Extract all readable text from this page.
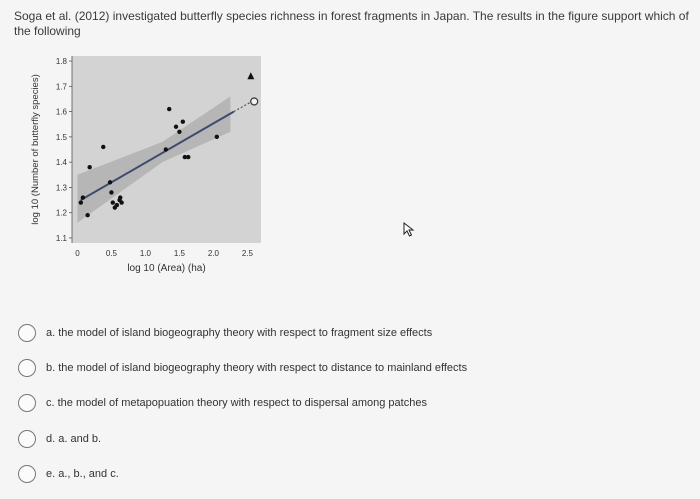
Soga et al. (2012) investigated butterfly species richness in forest fragments in Japan. The results in the figure support which of the following
1.1
1.2
1.3
1.4
1.5
1.6
1.7
1.8
0	0.5	1.0	1.5	2.0	2.5
log 10 (Area) (ha)
log 10 (Number of butterfly species)
a. the model of island biogeography theory with respect to fragment size effects
b. the model of island biogeography theory with respect to distance to mainland effects
c. the model of metapopuation theory with respect to dispersal among patches
d. a. and b.
e. a., b., and c.
